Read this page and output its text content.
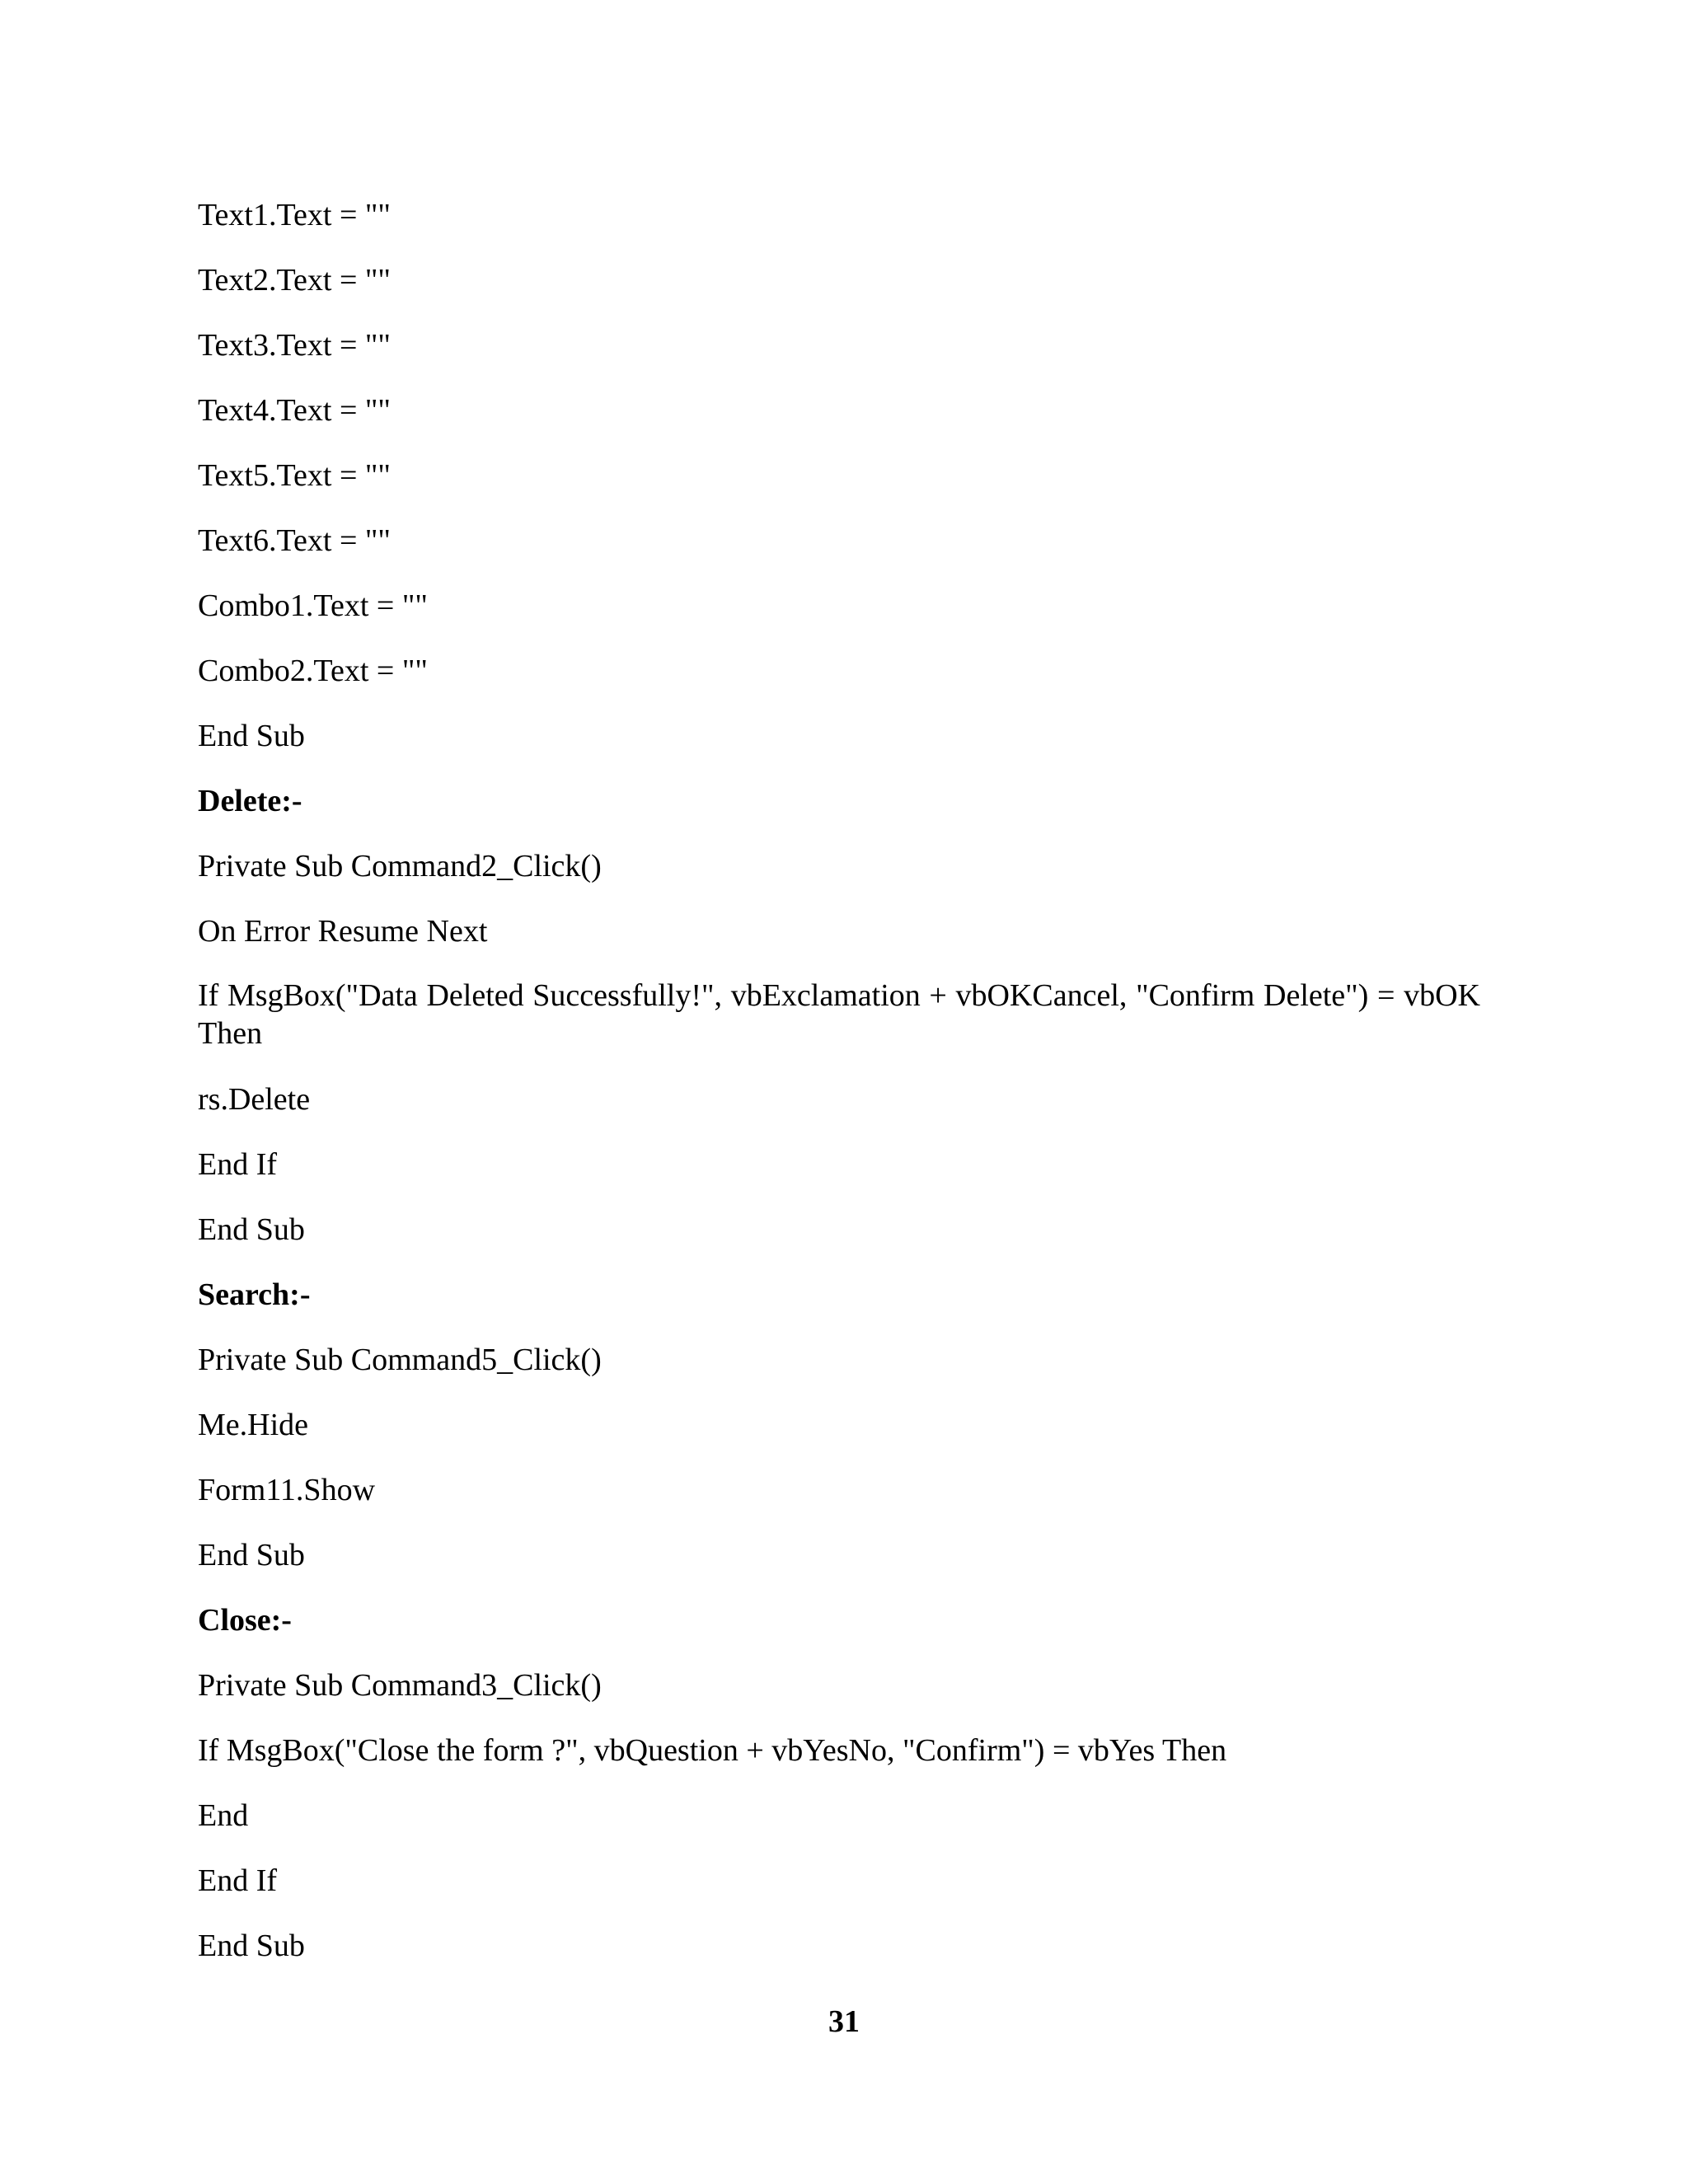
Text1.Text = ""

Text2.Text = ""

Text3.Text = ""

Text4.Text = ""

Text5.Text = ""

Text6.Text = ""

Combo1.Text = ""

Combo2.Text = ""

End Sub

Delete:-

Private Sub Command2_Click()

On Error Resume Next

If MsgBox("Data Deleted Successfully!", vbExclamation + vbOKCancel, "Confirm Delete") = vbOK Then

rs.Delete

End If

End Sub

Search:-

Private Sub Command5_Click()

Me.Hide

Form11.Show

End Sub

Close:-

Private Sub Command3_Click()

If MsgBox("Close the form ?", vbQuestion + vbYesNo, "Confirm") = vbYes Then

End

End If

End Sub

31
